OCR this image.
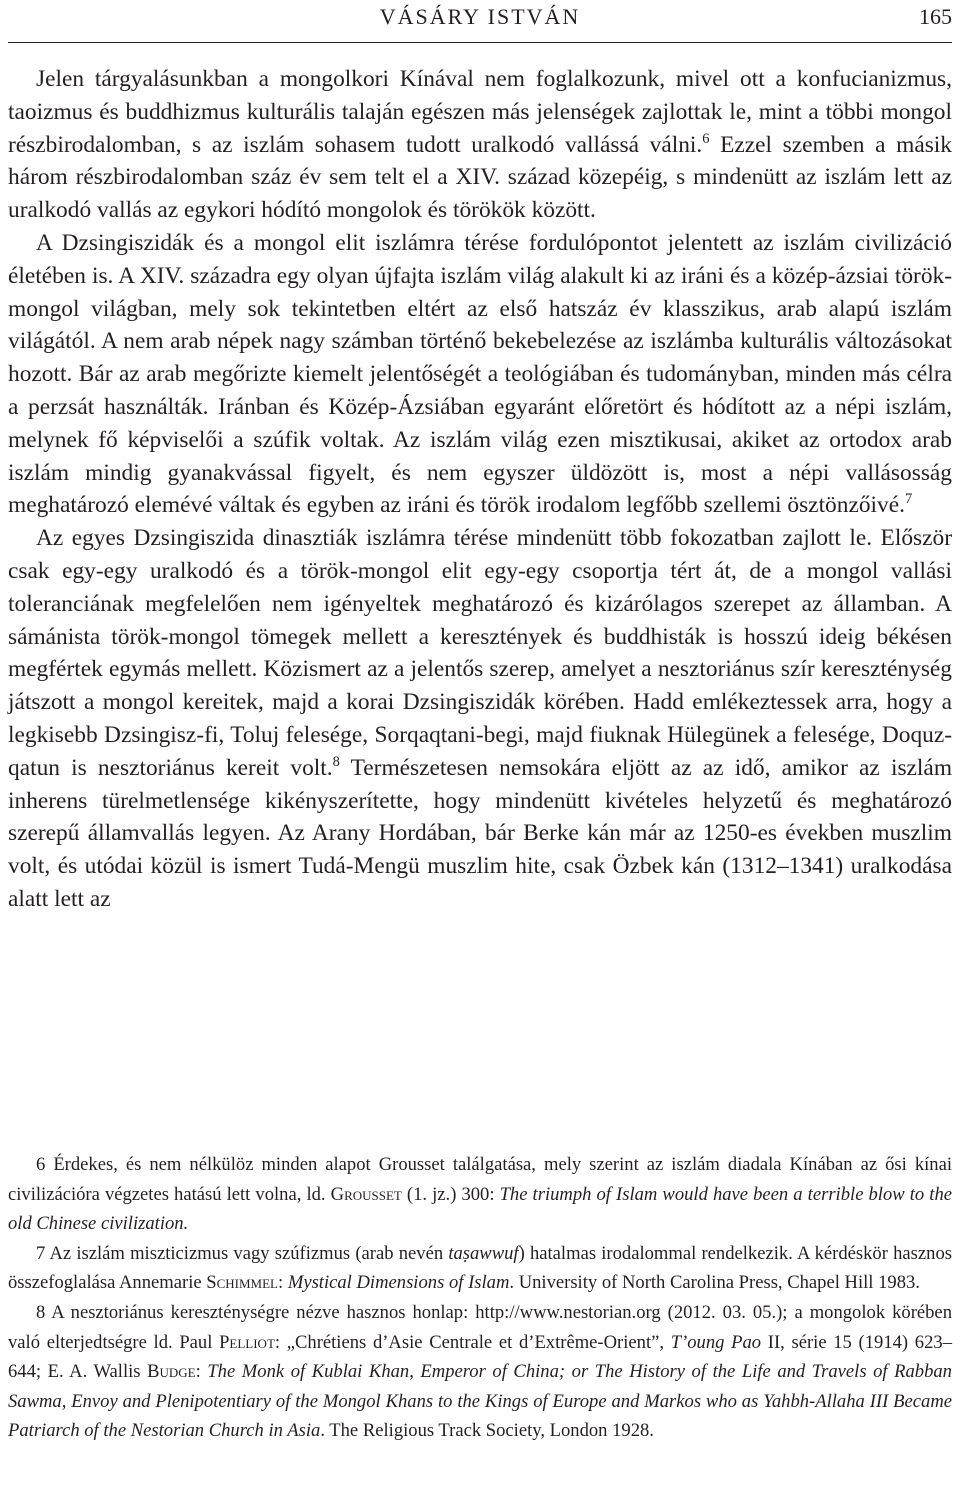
VÁSÁRY ISTVÁN	165

Jelen tárgyalásunkban a mongolkori Kínával nem foglalkozunk, mivel ott a konfucianizmus, taoizmus és buddhizmus kulturális talaján egészen más jelenségek zajlottak le, mint a többi mongol részbirodalomban, s az iszlám sohasem tudott uralkodó vallássá válni.$^6$ Ezzel szemben a másik három részbirodalomban száz év sem telt el a XIV. század közepéig, s mindenütt az iszlám lett az uralkodó vallás az egykori hódító mongolok és törökök között.

A Dzsingiszidák és a mongol elit iszlámra térése fordulópontot jelentett az iszlám civilizáció életében is. A XIV. századra egy olyan újfajta iszlám világ alakult ki az iráni és a közép-ázsiai török-mongol világban, mely sok tekintetben eltért az első hatszáz év klasszikus, arab alapú iszlám világától. A nem arab népek nagy számban történő bekebelezése az iszlámba kulturális változásokat hozott. Bár az arab megőrizte kiemelt jelentőségét a teológiában és tudományban, minden más célra a perzsát használták. Iránban és Közép-Ázsiában egyaránt előretört és hódított az a népi iszlám, melynek fő képviselői a szúfik voltak. Az iszlám világ ezen misztikusai, akiket az ortodox arab iszlám mindig gyanakvással figyelt, és nem egyszer üldözött is, most a népi vallásosság meghatározó elemévé váltak és egyben az iráni és török irodalom legfőbb szellemi ösztönzőivé.$^7$

Az egyes Dzsingiszida dinasztiák iszlámra térése mindenütt több fokozatban zajlott le. Először csak egy-egy uralkodó és a török-mongol elit egy-egy csoportja tért át, de a mongol vallási toleranciának megfelelően nem igényeltek meghatározó és kizárólagos szerepet az államban. A sámánista török-mongol tömegek mellett a keresztények és buddhisták is hosszú ideig békésen megfértek egymás mellett. Közismert az a jelentős szerep, amelyet a nesztoriánus szír kereszténység játszott a mongol kereitek, majd a korai Dzsingiszidák körében. Hadd emlékeztessek arra, hogy a legkisebb Dzsingisz-fi, Toluj felesége, Sorqaqtani-begi, majd fiuknak Hülegünek a felesége, Doquz-qatun is nesztoriánus kereit volt.$^8$ Természetesen nemsokára eljött az az idő, amikor az iszlám inherens türelmetlensége kikényszerítette, hogy mindenütt kivételes helyzetű és meghatározó szerepű államvallás legyen. Az Arany Hordában, bár Berke kán már az 1250-es években muszlim volt, és utódai közül is ismert Tudá-Mengü muszlim hite, csak Özbek kán (1312–1341) uralkodása alatt lett az

6 Érdekes, és nem nélkülöz minden alapot Grousset találgatása, mely szerint az iszlám diadala Kínában az ősi kínai civilizációra végzetes hatású lett volna, ld. Grousset (1. jz.) 300: The triumph of Islam would have been a terrible blow to the old Chinese civilization.

7 Az iszlám miszticizmus vagy szúfizmus (arab nevén taṣawwuf) hatalmas irodalommal rendelkezik. A kérdéskör hasznos összefoglalása Annemarie Schimmel: Mystical Dimensions of Islam. University of North Carolina Press, Chapel Hill 1983.

8 A nesztoriánus kereszténységre nézve hasznos honlap: http://www.nestorian.org (2012. 03. 05.); a mongolok körében való elterjedtségre ld. Paul Pelliot: „Chrétiens d’Asie Centrale et d’Extrême-Orient”, T’oung Pao II, série 15 (1914) 623–644; E. A. Wallis Budge: The Monk of Kublai Khan, Emperor of China; or The History of the Life and Travels of Rabban Sawma, Envoy and Plenipotentiary of the Mongol Khans to the Kings of Europe and Markos who as Yahbh-Allaha III Became Patriarch of the Nestorian Church in Asia. The Religious Track Society, London 1928.
